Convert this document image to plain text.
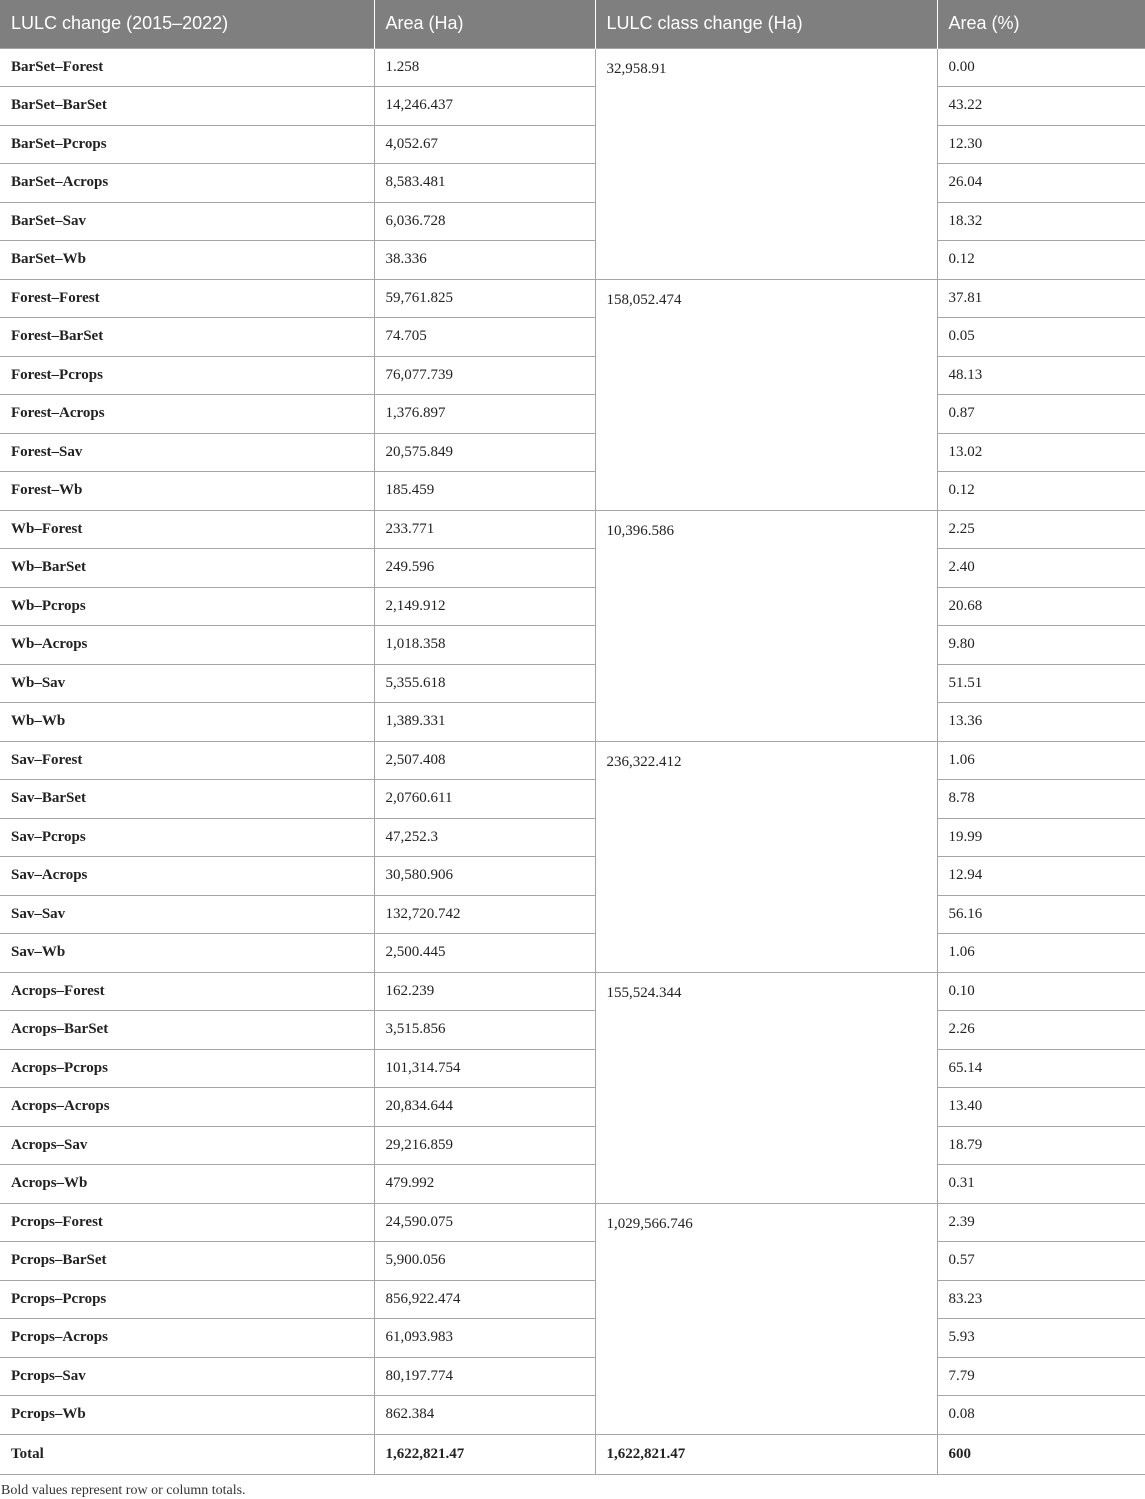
LULC change (2015–2022)	Area (Ha)	LULC class change (Ha)	Area (%)
BarSet–Forest	1.258	32,958.91	0.00
BarSet–BarSet	14,246.437		43.22
BarSet–Pcrops	4,052.67		12.30
BarSet–Acrops	8,583.481		26.04
BarSet–Sav	6,036.728		18.32
BarSet–Wb	38.336		0.12
Forest–Forest	59,761.825	158,052.474	37.81
Forest–BarSet	74.705		0.05
Forest–Pcrops	76,077.739		48.13
Forest–Acrops	1,376.897		0.87
Forest–Sav	20,575.849		13.02
Forest–Wb	185.459		0.12
Wb–Forest	233.771	10,396.586	2.25
Wb–BarSet	249.596		2.40
Wb–Pcrops	2,149.912		20.68
Wb–Acrops	1,018.358		9.80
Wb–Sav	5,355.618		51.51
Wb–Wb	1,389.331		13.36
Sav–Forest	2,507.408	236,322.412	1.06
Sav–BarSet	2,0760.611		8.78
Sav–Pcrops	47,252.3		19.99
Sav–Acrops	30,580.906		12.94
Sav–Sav	132,720.742		56.16
Sav–Wb	2,500.445		1.06
Acrops–Forest	162.239	155,524.344	0.10
Acrops–BarSet	3,515.856		2.26
Acrops–Pcrops	101,314.754		65.14
Acrops–Acrops	20,834.644		13.40
Acrops–Sav	29,216.859		18.79
Acrops–Wb	479.992		0.31
Pcrops–Forest	24,590.075	1,029,566.746	2.39
Pcrops–BarSet	5,900.056		0.57
Pcrops–Pcrops	856,922.474		83.23
Pcrops–Acrops	61,093.983		5.93
Pcrops–Sav	80,197.774		7.79
Pcrops–Wb	862.384		0.08
Total	1,622,821.47	1,622,821.47	600
Bold values represent row or column totals.
